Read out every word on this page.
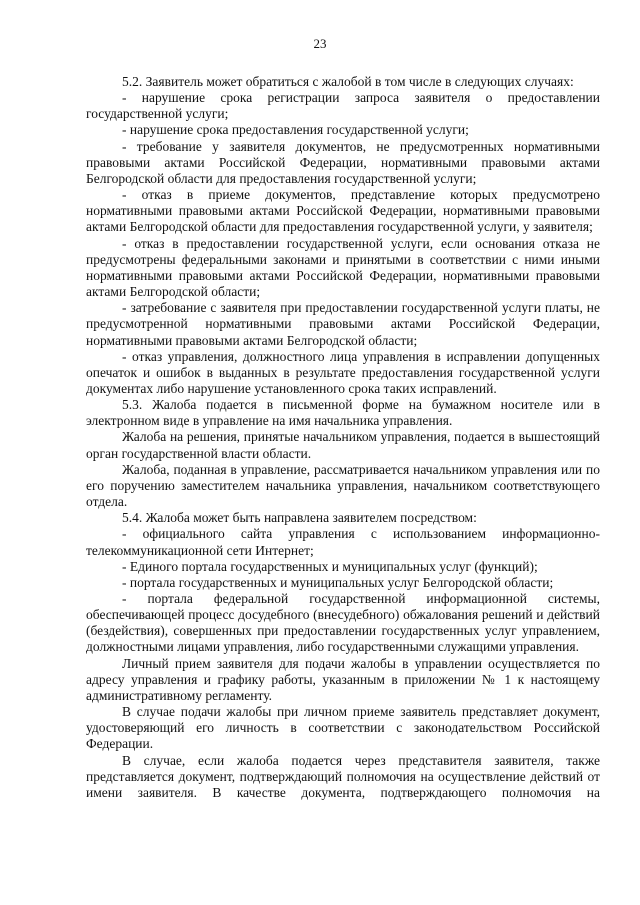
23

5.2. Заявитель может обратиться с жалобой в том числе в следующих случаях:

- нарушение срока регистрации запроса заявителя о предоставлении государственной услуги;

- нарушение срока предоставления государственной услуги;

- требование у заявителя документов, не предусмотренных нормативными правовыми актами Российской Федерации, нормативными правовыми актами Белгородской области для предоставления государственной услуги;

- отказ в приеме документов, представление которых предусмотрено нормативными правовыми актами Российской Федерации, нормативными правовыми актами Белгородской области для предоставления государственной услуги, у заявителя;

- отказ в предоставлении государственной услуги, если основания отказа не предусмотрены федеральными законами и принятыми в соответствии с ними иными нормативными правовыми актами Российской Федерации, нормативными правовыми актами Белгородской области;

- затребование с заявителя при предоставлении государственной услуги платы, не предусмотренной нормативными правовыми актами Российской Федерации, нормативными правовыми актами Белгородской области;

- отказ управления, должностного лица управления в исправлении допущенных опечаток и ошибок в выданных в результате предоставления государственной услуги документах либо нарушение установленного срока таких исправлений.

5.3. Жалоба подается в письменной форме на бумажном носителе или в электронном виде в управление на имя начальника управления.

Жалоба на решения, принятые начальником управления, подается в вышестоящий орган государственной власти области.

Жалоба, поданная в управление, рассматривается начальником управления или по его поручению заместителем начальника управления, начальником соответствующего отдела.

5.4. Жалоба может быть направлена заявителем посредством:

- официального сайта управления с использованием информационно-телекоммуникационной сети Интернет;

- Единого портала государственных и муниципальных услуг (функций);

- портала государственных и муниципальных услуг Белгородской области;

- портала федеральной государственной информационной системы, обеспечивающей процесс досудебного (внесудебного) обжалования решений и действий (бездействия), совершенных при предоставлении государственных услуг управлением, должностными лицами управления, либо государственными служащими управления.

Личный прием заявителя для подачи жалобы в управлении осуществляется по адресу управления и графику работы, указанным в приложении № 1 к настоящему административному регламенту.

В случае подачи жалобы при личном приеме заявитель представляет документ, удостоверяющий его личность в соответствии с законодательством Российской Федерации.

В случае, если жалоба подается через представителя заявителя, также представляется документ, подтверждающий полномочия на осуществление действий от имени заявителя. В качестве документа, подтверждающего полномочия на
